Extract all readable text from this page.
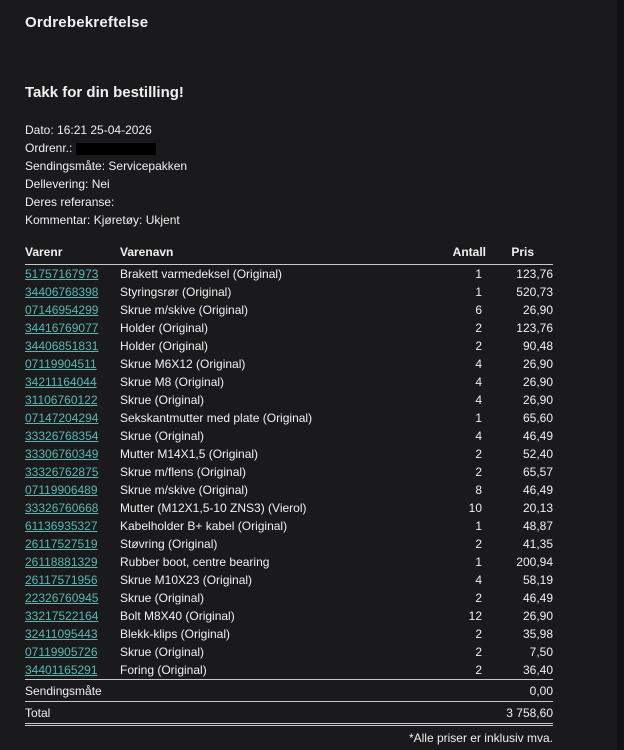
Ordrebekreftelse
Takk for din bestilling!
Dato: 16:21 25-04-2026
Ordrenr.:
Sendingsmåte: Servicepakken
Dellevering: Nei
Deres referanse:
Kommentar: Kjøretøy: Ukjent
Varenr	Varenavn	Antall	Pris
51757167973	Brakett varmedeksel (Original)	1	123,76
34406768398	Styringsrør (Original)	1	520,73
07146954299	Skrue m/skive (Original)	6	26,90
34416769077	Holder (Original)	2	123,76
34406851831	Holder (Original)	2	90,48
07119904511	Skrue M6X12 (Original)	4	26,90
34211164044	Skrue M8 (Original)	4	26,90
31106760122	Skrue (Original)	4	26,90
07147204294	Sekskantmutter med plate (Original)	1	65,60
33326768354	Skrue (Original)	4	46,49
33306760349	Mutter M14X1,5 (Original)	2	52,40
33326762875	Skrue m/flens (Original)	2	65,57
07119906489	Skrue m/skive (Original)	8	46,49
33326760668	Mutter (M12X1,5-10 ZNS3) (Vierol)	10	20,13
61136935327	Kabelholder B+ kabel (Original)	1	48,87
26117527519	Støvring (Original)	2	41,35
26118881329	Rubber boot, centre bearing	1	200,94
26117571956	Skrue M10X23 (Original)	4	58,19
22326760945	Skrue (Original)	2	46,49
33217522164	Bolt M8X40 (Original)	12	26,90
32411095443	Blekk-klips (Original)	2	35,98
07119905726	Skrue (Original)	2	7,50
34401165291	Foring (Original)	2	36,40
Sendingsmåte			0,00
Total			3 758,60
*Alle priser er inklusiv mva.
